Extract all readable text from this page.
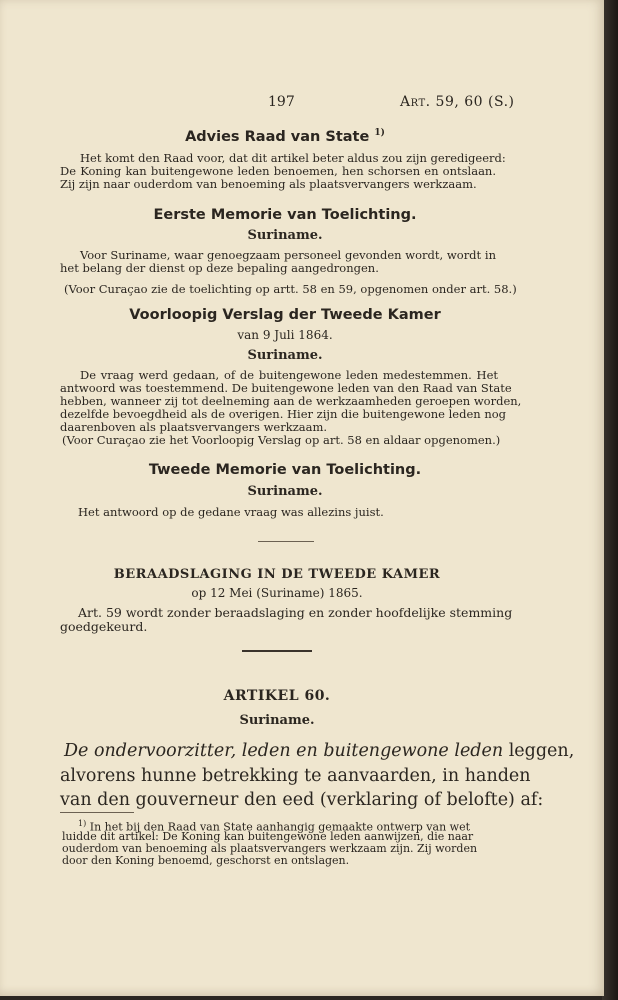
197	Art. 59, 60 (S.)
Advies Raad van State $^{1)}$
Het komt den Raad voor, dat dit artikel beter aldus zou zijn geredigeerd:
De Koning kan buitengewone leden benoemen, hen schorsen en ontslaan.
Zij zijn naar ouderdom van benoeming als plaatsvervangers werkzaam.
Eerste Memorie van Toelichting.
Suriname.
Voor Suriname, waar genoegzaam personeel gevonden wordt, wordt in
het belang der dienst op deze bepaling aangedrongen.
(Voor Curaçao zie de toelichting op artt. 58 en 59, opgenomen onder art. 58.)
Voorloopig Verslag der Tweede Kamer
van 9 Juli 1864.
Suriname.
De vraag werd gedaan, of de buitengewone leden medestemmen. Het
antwoord was toestemmend. De buitengewone leden van den Raad van State
hebben, wanneer zij tot deelneming aan de werkzaamheden geroepen worden,
dezelfde bevoegdheid als de overigen. Hier zijn die buitengewone leden nog
daarenboven als plaatsvervangers werkzaam.
(Voor Curaçao zie het Voorloopig Verslag op art. 58 en aldaar opgenomen.)
Tweede Memorie van Toelichting.
Suriname.
Het antwoord op de gedane vraag was allezins juist.
BERAADSLAGING IN DE TWEEDE KAMER
op 12 Mei (Suriname) 1865.
Art. 59 wordt zonder beraadslaging en zonder hoofdelijke stemming
goedgekeurd.
ARTIKEL 60.
Suriname.
De ondervoorzitter, leden en buitengewone leden leggen,
alvorens hunne betrekking te aanvaarden, in handen
van den gouverneur den eed (verklaring of belofte) af:
$^{1)}$ In het bij den Raad van State aanhangig gemaakte ontwerp van wet
luidde dit artikel: De Koning kan buitengewone leden aanwijzen, die naar
ouderdom van benoeming als plaatsvervangers werkzaam zijn. Zij worden
door den Koning benoemd, geschorst en ontslagen.
